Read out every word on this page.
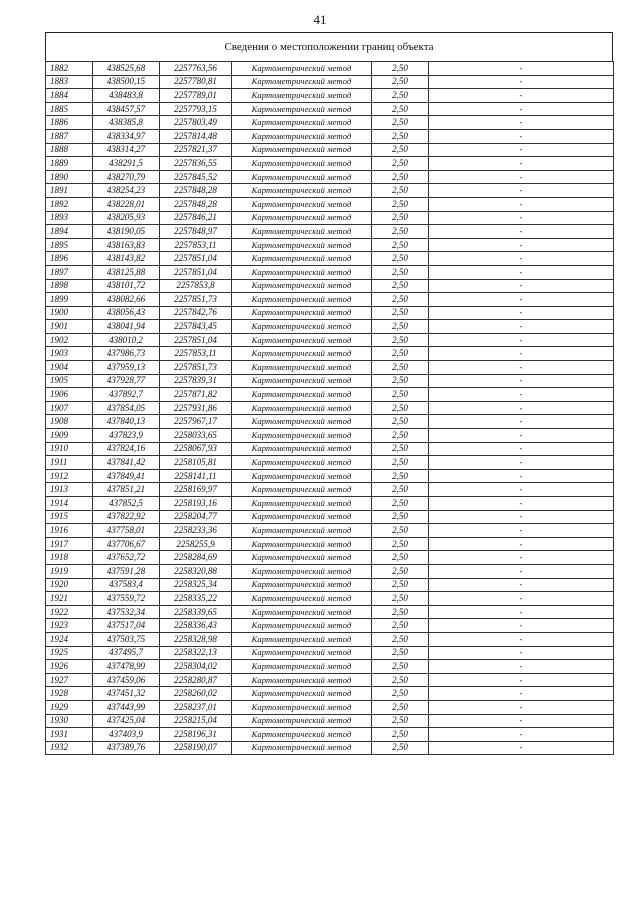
41
Сведения о местоположении границ объекта
1882	438525,68	2257763,56	Картометрический метод	2,50	-
1883	438500,15	2257780,81	Картометрический метод	2,50	-
1884	438483,8	2257789,01	Картометрический метод	2,50	-
1885	438457,57	2257793,15	Картометрический метод	2,50	-
1886	438385,8	2257803,49	Картометрический метод	2,50	-
1887	438334,97	2257814,48	Картометрический метод	2,50	-
1888	438314,27	2257821,37	Картометрический метод	2,50	-
1889	438291,5	2257836,55	Картометрический метод	2,50	-
1890	438270,79	2257845,52	Картометрический метод	2,50	-
1891	438254,23	2257848,28	Картометрический метод	2,50	-
1892	438228,01	2257848,28	Картометрический метод	2,50	-
1893	438205,93	2257846,21	Картометрический метод	2,50	-
1894	438190,05	2257848,97	Картометрический метод	2,50	-
1895	438163,83	2257853,11	Картометрический метод	2,50	-
1896	438143,82	2257851,04	Картометрический метод	2,50	-
1897	438125,88	2257851,04	Картометрический метод	2,50	-
1898	438101,72	2257853,8	Картометрический метод	2,50	-
1899	438082,66	2257851,73	Картометрический метод	2,50	-
1900	438056,43	2257842,76	Картометрический метод	2,50	-
1901	438041,94	2257843,45	Картометрический метод	2,50	-
1902	438010,2	2257851,04	Картометрический метод	2,50	-
1903	437986,73	2257853,11	Картометрический метод	2,50	-
1904	437959,13	2257851,73	Картометрический метод	2,50	-
1905	437928,77	2257839,31	Картометрический метод	2,50	-
1906	437892,7	2257871,82	Картометрический метод	2,50	-
1907	437854,05	2257931,86	Картометрический метод	2,50	-
1908	437840,13	2257967,17	Картометрический метод	2,50	-
1909	437823,9	2258033,65	Картометрический метод	2,50	-
1910	437824,16	2258067,93	Картометрический метод	2,50	-
1911	437841,42	2258105,81	Картометрический метод	2,50	-
1912	437849,41	2258141,11	Картометрический метод	2,50	-
1913	437851,21	2258169,97	Картометрический метод	2,50	-
1914	437852,5	2258193,16	Картометрический метод	2,50	-
1915	437822,92	2258204,77	Картометрический метод	2,50	-
1916	437758,01	2258233,36	Картометрический метод	2,50	-
1917	437706,67	2258255,9	Картометрический метод	2,50	-
1918	437652,72	2258284,69	Картометрический метод	2,50	-
1919	437591,28	2258320,88	Картометрический метод	2,50	-
1920	437583,4	2258325,34	Картометрический метод	2,50	-
1921	437559,72	2258335,22	Картометрический метод	2,50	-
1922	437532,34	2258339,65	Картометрический метод	2,50	-
1923	437517,04	2258336,43	Картометрический метод	2,50	-
1924	437503,75	2258328,98	Картометрический метод	2,50	-
1925	437495,7	2258322,13	Картометрический метод	2,50	-
1926	437478,99	2258304,02	Картометрический метод	2,50	-
1927	437459,06	2258280,87	Картометрический метод	2,50	-
1928	437451,32	2258260,02	Картометрический метод	2,50	-
1929	437443,99	2258237,01	Картометрический метод	2,50	-
1930	437425,04	2258215,04	Картометрический метод	2,50	-
1931	437403,9	2258196,31	Картометрический метод	2,50	-
1932	437389,76	2258190,07	Картометрический метод	2,50	-
